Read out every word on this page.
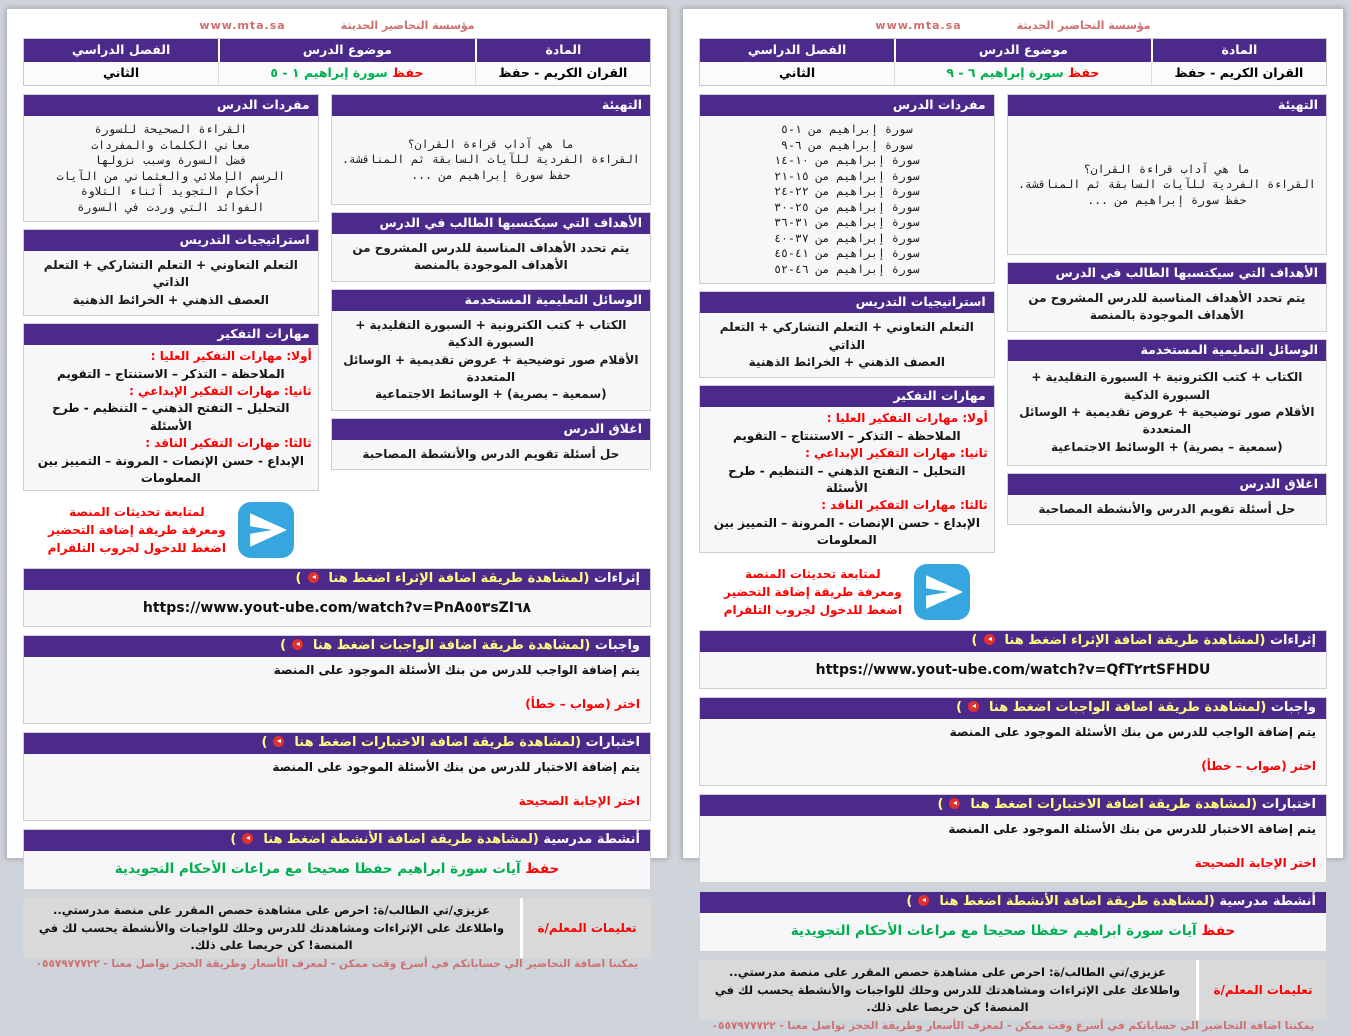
مؤسسة التحاضير الحديثة
www.mta.sa
المادة
موضوع الدرس
الفصل الدراسي
القران الكريم - حفظ
حفظ سورة إبراهيم ١ - ٥
الثاني
التهيئة
ما هي آداب قراءة القران؟
القراءة الفردية للآيات السابقة ثم المناقشة.
حفظ سورة إبراهيم من ...
الأهداف التي سيكتسبها الطالب في الدرس
يتم تحدد الأهداف المناسبة للدرس المشروح من الأهداف الموجودة بالمنصة
الوسائل التعليمية المستخدمة
الكتاب + كتب الكترونية + السبورة التقليدية + السبورة الذكية
الأقلام صور توضيحية + عروض تقديمية + الوسائل المتعددة
(سمعية – بصرية) + الوسائط الاجتماعية
اغلاق الدرس
حل أسئلة تقويم الدرس والأنشطة المصاحبة
مفردات الدرس
القراءة الصحيحة للسورة
معاني الكلمات والمفردات
فضل السورة وسبب نزولها
الرسم الإملائي والعثماني من الآيات
أحكام التجويد أثناء التلاوة
الفوائد التي وردت في السورة
استراتيجيات التدريس
التعلم التعاوني + التعلم التشاركي + التعلم الذاتي
العصف الذهني + الخرائط الذهنية
مهارات التفكير
أولا: مهارات التفكير العليا :
الملاحظة – التذكر – الاستنتاج – التقويم
ثانيا: مهارات التفكير الإبداعي :
التحليل – التفتح الذهني – التنظيم - طرح الأسئلة
ثالثا: مهارات التفكير الناقد :
الإبداع - حسن الإنصات - المرونة – التمييز بين المعلومات
لمتابعة تحديثات المنصة
ومعرفة طريقة إضافة التحضير
اضغط للدخول لجروب التلقرام
إثراءات (لمشاهدة طريقة اضافة الإثراء اضغط هنا)
https://www.yout-ube.com/watch?v=PnA٥٥٣sZI٦٨
واجبات (لمشاهدة طريقة اضافة الواجبات اضغط هنا)
يتم إضافة الواجب للدرس من بنك الأسئلة الموجود على المنصة
اختر (صواب – خطأ)
اختبارات (لمشاهدة طريقة اضافة الاختبارات اضغط هنا)
يتم إضافة الاختبار للدرس من بنك الأسئلة الموجود على المنصة
اختر الإجابة الصحيحة
أنشطة مدرسية (لمشاهدة طريقة اضافة الأنشطة اضغط هنا)
حفظ آيات سورة ابراهيم حفظا صحيحا مع مراعات الأحكام التجويدية
تعليمات المعلم/ة
عزيزي/تي الطالب/ة: احرص على مشاهدة حصص المقرر على منصة مدرستي..
واطلاعك على الإثراءات ومشاهدتك للدرس وحلك للواجبات والأنشطة يحسب لك في المنصة! كن حريصا على ذلك.
يمكننا اضافة التحاضير الي حساباتكم في أسرع وقت ممكن - لمعرف الأسعار وطريقة الحجز تواصل معنا - ٠٥٥٧٩٧٧٧٢٢
مؤسسة التحاضير الحديثة
www.mta.sa
المادة
موضوع الدرس
الفصل الدراسي
القران الكريم - حفظ
حفظ سورة إبراهيم ٦ - ٩
الثاني
التهيئة
ما هي آداب قراءة القران؟
القراءة الفردية للآيات السابقة ثم المناقشة.
حفظ سورة إبراهيم من ...
الأهداف التي سيكتسبها الطالب في الدرس
يتم تحدد الأهداف المناسبة للدرس المشروح من الأهداف الموجودة بالمنصة
الوسائل التعليمية المستخدمة
الكتاب + كتب الكترونية + السبورة التقليدية + السبورة الذكية
الأقلام صور توضيحية + عروض تقديمية + الوسائل المتعددة
(سمعية – بصرية) + الوسائط الاجتماعية
اغلاق الدرس
حل أسئلة تقويم الدرس والأنشطة المصاحبة
مفردات الدرس
سورة إبراهيم من ١-٥
سورة إبراهيم من ٦-٩
سورة إبراهيم من ١٠-١٤
سورة إبراهيم من ١٥-٢١
سورة إبراهيم من ٢٢-٢٤
سورة إبراهيم من ٢٥-٣٠
سورة إبراهيم من ٣١-٣٦
سورة إبراهيم من ٣٧-٤٠
سورة إبراهيم من ٤١-٤٥
سورة إبراهيم من ٤٦-٥٢
استراتيجيات التدريس
التعلم التعاوني + التعلم التشاركي + التعلم الذاتي
العصف الذهني + الخرائط الذهنية
مهارات التفكير
أولا: مهارات التفكير العليا :
الملاحظة – التذكر – الاستنتاج – التقويم
ثانيا: مهارات التفكير الإبداعي :
التحليل – التفتح الذهني – التنظيم - طرح الأسئلة
ثالثا: مهارات التفكير الناقد :
الإبداع - حسن الإنصات - المرونة – التمييز بين المعلومات
لمتابعة تحديثات المنصة
ومعرفة طريقة إضافة التحضير
اضغط للدخول لجروب التلقرام
إثراءات (لمشاهدة طريقة اضافة الإثراء اضغط هنا)
https://www.yout-ube.com/watch?v=QfT٢rtSFHDU
واجبات (لمشاهدة طريقة اضافة الواجبات اضغط هنا)
يتم إضافة الواجب للدرس من بنك الأسئلة الموجود على المنصة
اختر (صواب – خطأ)
اختبارات (لمشاهدة طريقة اضافة الاختبارات اضغط هنا)
يتم إضافة الاختبار للدرس من بنك الأسئلة الموجود على المنصة
اختر الإجابة الصحيحة
أنشطة مدرسية (لمشاهدة طريقة اضافة الأنشطة اضغط هنا)
حفظ آيات سورة ابراهيم حفظا صحيحا مع مراعات الأحكام التجويدية
تعليمات المعلم/ة
عزيزي/تي الطالب/ة: احرص على مشاهدة حصص المقرر على منصة مدرستي..
واطلاعك على الإثراءات ومشاهدتك للدرس وحلك للواجبات والأنشطة يحسب لك في المنصة! كن حريصا على ذلك.
يمكننا اضافة التحاضير الي حساباتكم في أسرع وقت ممكن - لمعرف الأسعار وطريقة الحجز تواصل معنا - ٠٥٥٧٩٧٧٧٢٢
